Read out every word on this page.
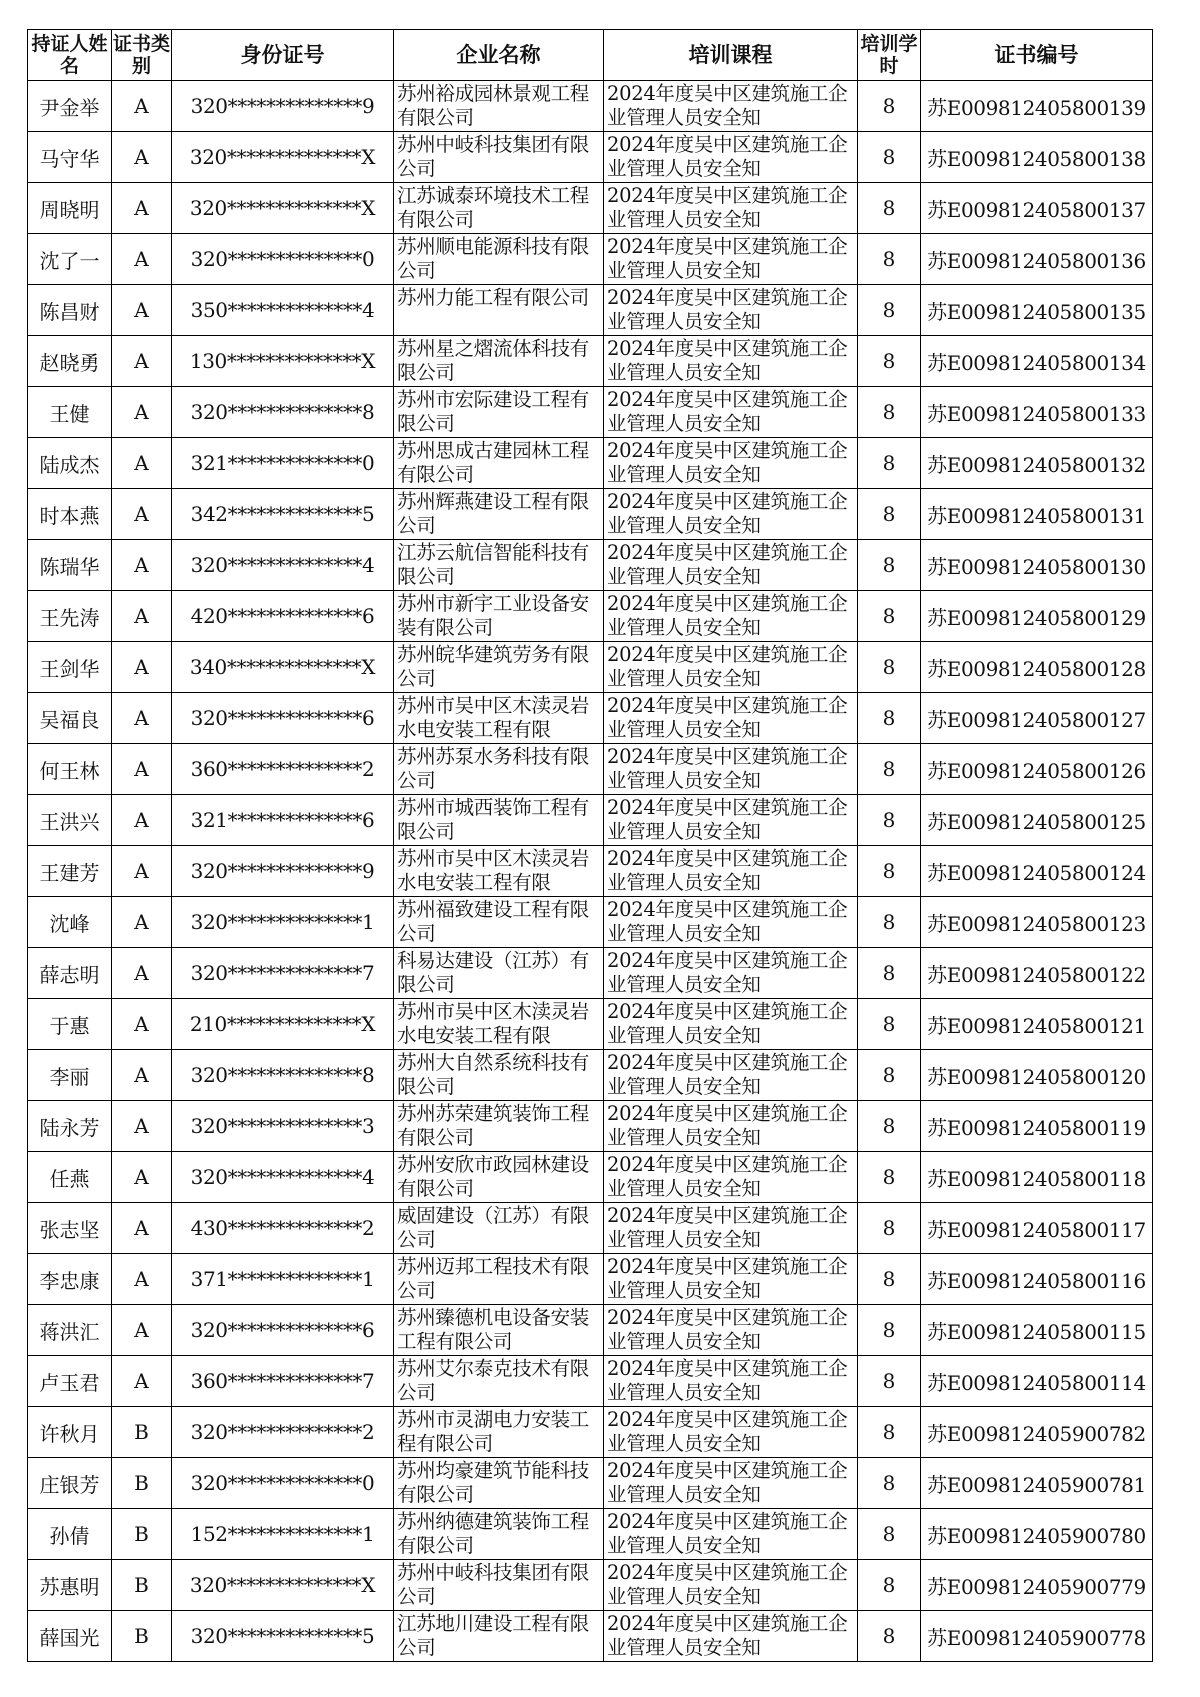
持证人姓名	证书类别	身份证号	企业名称	培训课程	培训学时	证书编号

尹金举	A	320**************9	苏州裕成园林景观工程有限公司	2024年度吴中区建筑施工企业管理人员安全知	8	苏E009812405800139

马守华	A	320**************X	苏州中岐科技集团有限公司	2024年度吴中区建筑施工企业管理人员安全知	8	苏E009812405800138

周晓明	A	320**************X	江苏诚泰环境技术工程有限公司	2024年度吴中区建筑施工企业管理人员安全知	8	苏E009812405800137

沈了一	A	320**************0	苏州顺电能源科技有限公司	2024年度吴中区建筑施工企业管理人员安全知	8	苏E009812405800136

陈昌财	A	350**************4	苏州力能工程有限公司	2024年度吴中区建筑施工企业管理人员安全知	8	苏E009812405800135

赵晓勇	A	130**************X	苏州星之熠流体科技有限公司	2024年度吴中区建筑施工企业管理人员安全知	8	苏E009812405800134

王健	A	320**************8	苏州市宏际建设工程有限公司	2024年度吴中区建筑施工企业管理人员安全知	8	苏E009812405800133

陆成杰	A	321**************0	苏州思成古建园林工程有限公司	2024年度吴中区建筑施工企业管理人员安全知	8	苏E009812405800132

时本燕	A	342**************5	苏州辉燕建设工程有限公司	2024年度吴中区建筑施工企业管理人员安全知	8	苏E009812405800131

陈瑞华	A	320**************4	江苏云航信智能科技有限公司	2024年度吴中区建筑施工企业管理人员安全知	8	苏E009812405800130

王先涛	A	420**************6	苏州市新宇工业设备安装有限公司	2024年度吴中区建筑施工企业管理人员安全知	8	苏E009812405800129

王剑华	A	340**************X	苏州皖华建筑劳务有限公司	2024年度吴中区建筑施工企业管理人员安全知	8	苏E009812405800128

吴福良	A	320**************6	苏州市吴中区木渎灵岩水电安装工程有限	2024年度吴中区建筑施工企业管理人员安全知	8	苏E009812405800127

何王林	A	360**************2	苏州苏泵水务科技有限公司	2024年度吴中区建筑施工企业管理人员安全知	8	苏E009812405800126

王洪兴	A	321**************6	苏州市城西装饰工程有限公司	2024年度吴中区建筑施工企业管理人员安全知	8	苏E009812405800125

王建芳	A	320**************9	苏州市吴中区木渎灵岩水电安装工程有限	2024年度吴中区建筑施工企业管理人员安全知	8	苏E009812405800124

沈峰	A	320**************1	苏州福致建设工程有限公司	2024年度吴中区建筑施工企业管理人员安全知	8	苏E009812405800123

薛志明	A	320**************7	科易达建设（江苏）有限公司	2024年度吴中区建筑施工企业管理人员安全知	8	苏E009812405800122

于惠	A	210**************X	苏州市吴中区木渎灵岩水电安装工程有限	2024年度吴中区建筑施工企业管理人员安全知	8	苏E009812405800121

李丽	A	320**************8	苏州大自然系统科技有限公司	2024年度吴中区建筑施工企业管理人员安全知	8	苏E009812405800120

陆永芳	A	320**************3	苏州苏荣建筑装饰工程有限公司	2024年度吴中区建筑施工企业管理人员安全知	8	苏E009812405800119

任燕	A	320**************4	苏州安欣市政园林建设有限公司	2024年度吴中区建筑施工企业管理人员安全知	8	苏E009812405800118

张志坚	A	430**************2	威固建设（江苏）有限公司	2024年度吴中区建筑施工企业管理人员安全知	8	苏E009812405800117

李忠康	A	371**************1	苏州迈邦工程技术有限公司	2024年度吴中区建筑施工企业管理人员安全知	8	苏E009812405800116

蒋洪汇	A	320**************6	苏州臻德机电设备安装工程有限公司	2024年度吴中区建筑施工企业管理人员安全知	8	苏E009812405800115

卢玉君	A	360**************7	苏州艾尔泰克技术有限公司	2024年度吴中区建筑施工企业管理人员安全知	8	苏E009812405800114

许秋月	B	320**************2	苏州市灵湖电力安装工程有限公司	2024年度吴中区建筑施工企业管理人员安全知	8	苏E009812405900782

庄银芳	B	320**************0	苏州均豪建筑节能科技有限公司	2024年度吴中区建筑施工企业管理人员安全知	8	苏E009812405900781

孙倩	B	152**************1	苏州纳德建筑装饰工程有限公司	2024年度吴中区建筑施工企业管理人员安全知	8	苏E009812405900780

苏惠明	B	320**************X	苏州中岐科技集团有限公司	2024年度吴中区建筑施工企业管理人员安全知	8	苏E009812405900779

薛国光	B	320**************5	江苏地川建设工程有限公司	2024年度吴中区建筑施工企业管理人员安全知	8	苏E009812405900778
